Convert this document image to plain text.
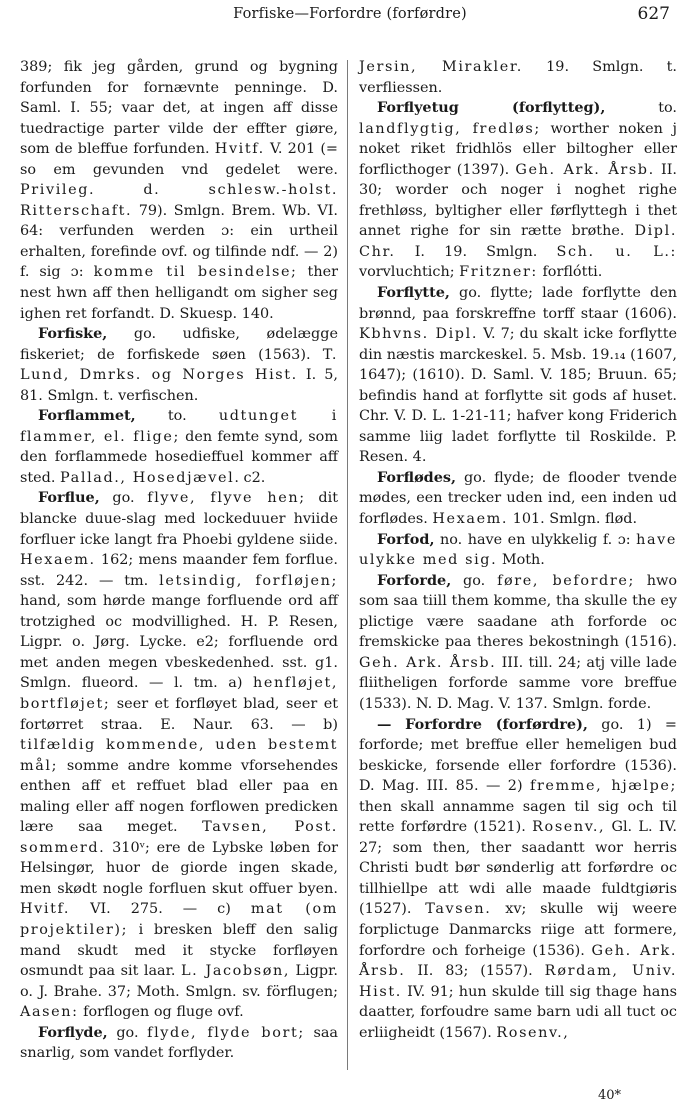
Forfiske—Forfordre (forførdre)	627

389; fik jeg gården, grund og bygning forfunden for fornævnte penninge. D. Saml. I. 55; vaar det, at ingen aff disse tuedractige parter vilde der effter giøre, som de bleffue forfunden. Hvitf. V. 201 (= so em gevunden vnd gedelet were. Privileg. d. schlesw.-holst. Ritterschaft. 79). Smlgn. Brem. Wb. VI. 64: verfunden werden ɔ: ein urtheil erhalten, forefinde ovf. og tilfinde ndf. — 2) f. sig ɔ: komme til besindelse; ther nest hwn aff then helligandt om sigher seg ighen ret forfandt. D. Skuesp. 140.

Forfiske, go. udfiske, ødelægge fiskeriet; de forfiskede søen (1563). T. Lund, Dmrks. og Norges Hist. I. 5, 81. Smlgn. t. verfischen.

Forflammet, to. udtunget i flammer, el. flige; den femte synd, som den forflammede hosedieffuel kommer aff sted. Pallad., Hosedjævel. c2.

Forflue, go. flyve, flyve hen; dit blancke duue-slag med lockeduuer hviide forfluer icke langt fra Phoebi gyldene siide. Hexaem. 162; mens maander fem forflue. sst. 242. — tm. letsindig, forfløjen; hand, som hørde mange forfluende ord aff trotzighed oc modvillighed. H. P. Resen, Ligpr. o. Jørg. Lycke. e2; forfluende ord met anden megen vbeskedenhed. sst. g1. Smlgn. flueord. — l. tm. a) henfløjet, bortfløjet; seer et forfløyet blad, seer et fortørret straa. E. Naur. 63. — b) tilfældig kommende, uden bestemt mål; somme andre komme vforsehendes enthen aff et reffuet blad eller paa en maling eller aff nogen forflowen predicken lære saa meget. Tavsen, Post. sommerd. 310ᵛ; ere de Lybske løben for Helsingør, huor de giorde ingen skade, men skødt nogle forfluen skut offuer byen. Hvitf. VI. 275. — c) mat (om projektiler); i bresken bleff den salig mand skudt med it stycke forfløyen osmundt paa sit laar. L. Jacobsøn, Ligpr. o. J. Brahe. 37; Moth. Smlgn. sv. förflugen; Aasen: forflogen og fluge ovf.

Forflyde, go. flyde, flyde bort; saa snarlig, som vandet forflyder.

Jersin, Mirakler. 19. Smlgn. t. verfliessen.

Forflyetug (forflytteg), to. landflygtig, fredløs; worther noken j noket riket fridhlös eller biltogher eller forflicthoger (1397). Geh. Ark. Årsb. II. 30; worder och noger i noghet righe frethløss, byltigher eller førflyttegh i thet annet righe for sin rætte brøthe. Dipl. Chr. I. 19. Smlgn. Sch. u. L.: vorvluchtich; Fritzner: forflótti.

Forflytte, go. flytte; lade forflytte den brønnd, paa forskreffne torff staar (1606). Kbhvns. Dipl. V. 7; du skalt icke forflytte din næstis marckeskel. 5. Msb. 19.₁₄ (1607, 1647); (1610). D. Saml. V. 185; Bruun. 65; befindis hand at forflytte sit gods af huset. Chr. V. D. L. 1-21-11; hafver kong Friderich samme liig ladet forflytte til Roskilde. P. Resen. 4.

Forflødes, go. flyde; de flooder tvende mødes, een trecker uden ind, een inden ud forflødes. Hexaem. 101. Smlgn. flød.

Forfod, no. have en ulykkelig f. ɔ: have ulykke med sig. Moth.

Forforde, go. føre, befordre; hwo som saa tiill them komme, tha skulle the ey plictige være saadane ath forforde oc fremskicke paa theres bekostningh (1516). Geh. Ark. Årsb. III. till. 24; atj ville lade fliitheligen forforde samme vore breffue (1533). N. D. Mag. V. 137. Smlgn. forde.

— Forfordre (forførdre), go. 1) = forforde; met breffue eller hemeligen bud beskicke, forsende eller forfordre (1536). D. Mag. III. 85. — 2) fremme, hjælpe; then skall annamme sagen til sig och til rette forførdre (1521). Rosenv., Gl. L. IV. 27; som then, ther saadantt wor herris Christi budt bør sønderlig att forførdre oc tillhiellpe att wdi alle maade fuldtgiøris (1527). Tavsen. xv; skulle wij weere forplictuge Danmarcks riige att formere, forfordre och forheige (1536). Geh. Ark. Årsb. II. 83; (1557). Rørdam, Univ. Hist. IV. 91; hun skulde till sig thage hans daatter, forfoudre same barn udi all tuct oc erliigheidt (1567). Rosenv.,

40*
